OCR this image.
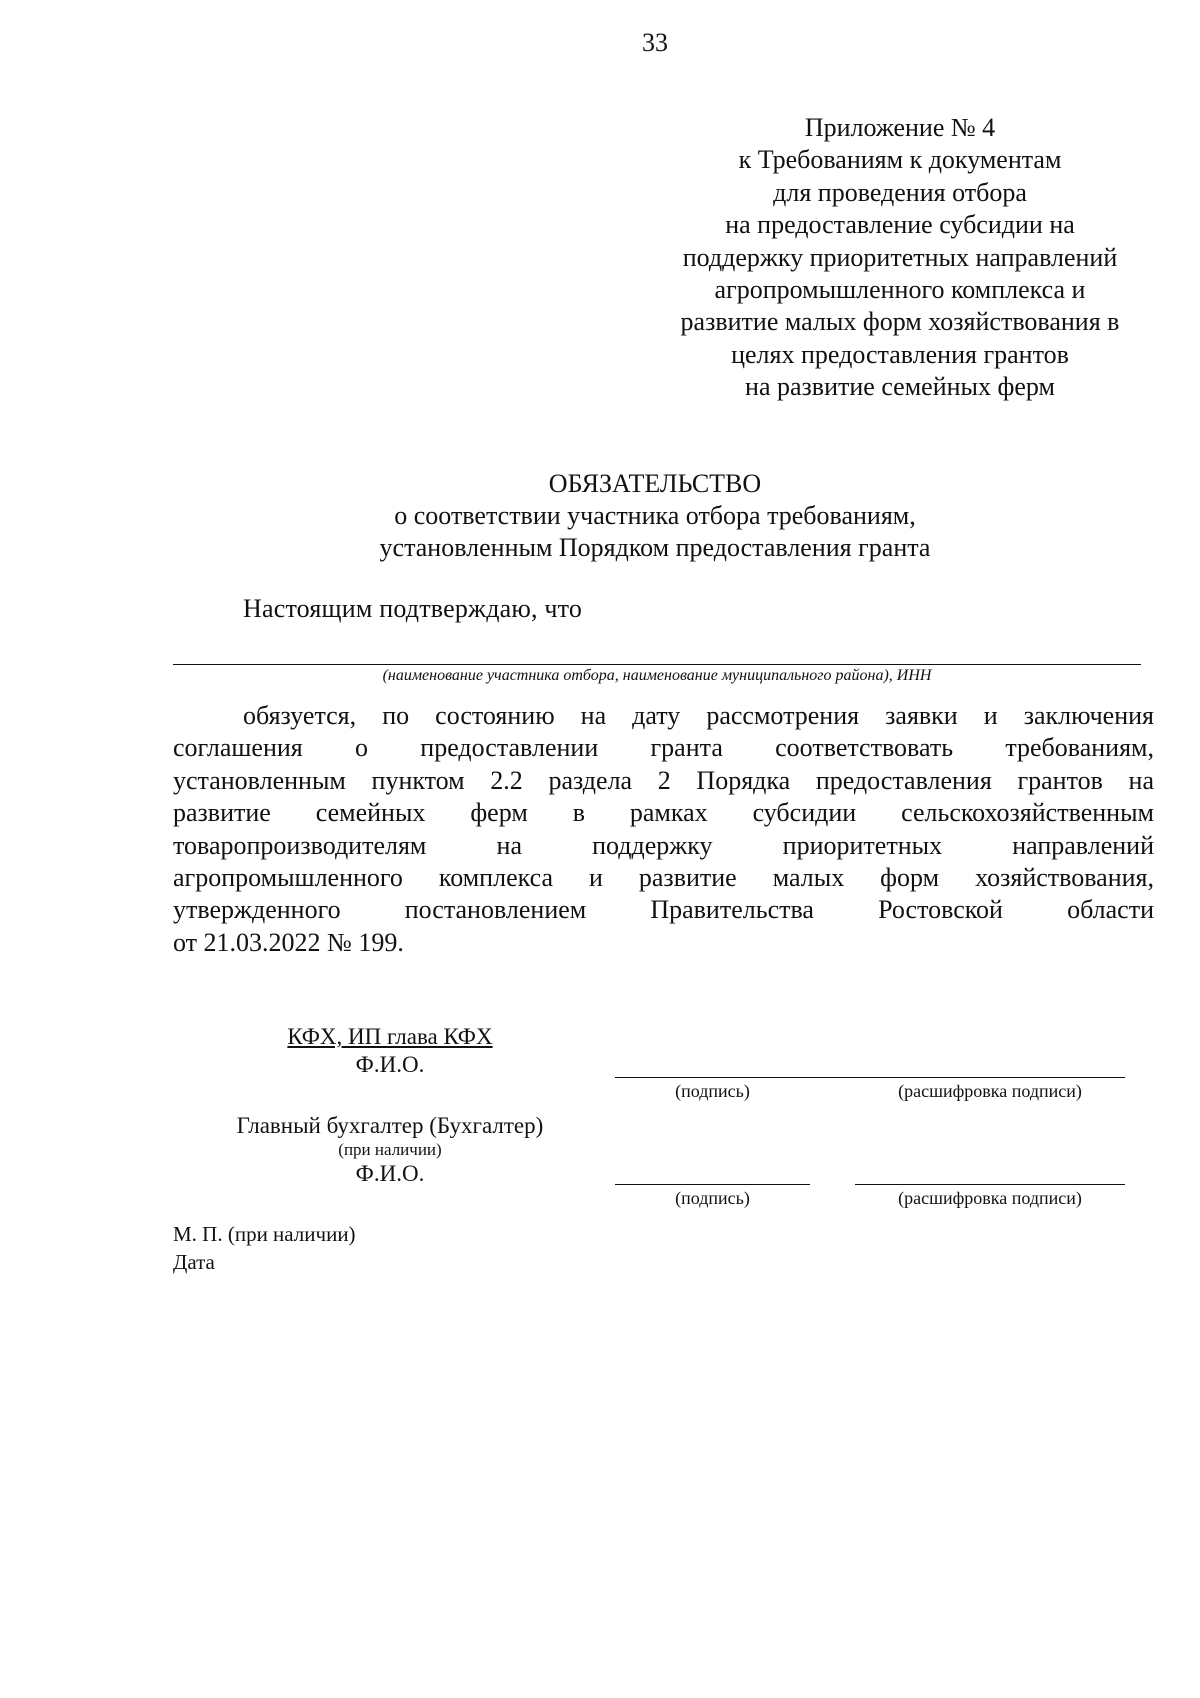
33
Приложение № 4
к Требованиям к документам
для проведения отбора
на предоставление субсидии на
поддержку приоритетных направлений
агропромышленного комплекса и
развитие малых форм хозяйствования в
целях предоставления грантов
на развитие семейных ферм
ОБЯЗАТЕЛЬСТВО
о соответствии участника отбора требованиям,
установленным Порядком предоставления гранта
Настоящим подтверждаю, что
(наименование участника отбора, наименование муниципального района), ИНН
обязуется, по состоянию на дату рассмотрения заявки и заключения
соглашения о предоставлении гранта соответствовать требованиям,
установленным пунктом 2.2 раздела 2 Порядка предоставления грантов на
развитие семейных ферм в рамках субсидии сельскохозяйственным
товаропроизводителям на поддержку приоритетных направлений
агропромышленного комплекса и развитие малых форм хозяйствования,
утвержденного постановлением Правительства Ростовской области
от 21.03.2022 № 199.
КФХ, ИП глава КФХ
Ф.И.О.
(подпись)	(расшифровка подписи)
Главный бухгалтер (Бухгалтер)
(при наличии)
Ф.И.О.
(подпись)	(расшифровка подписи)
М. П. (при наличии)
Дата
